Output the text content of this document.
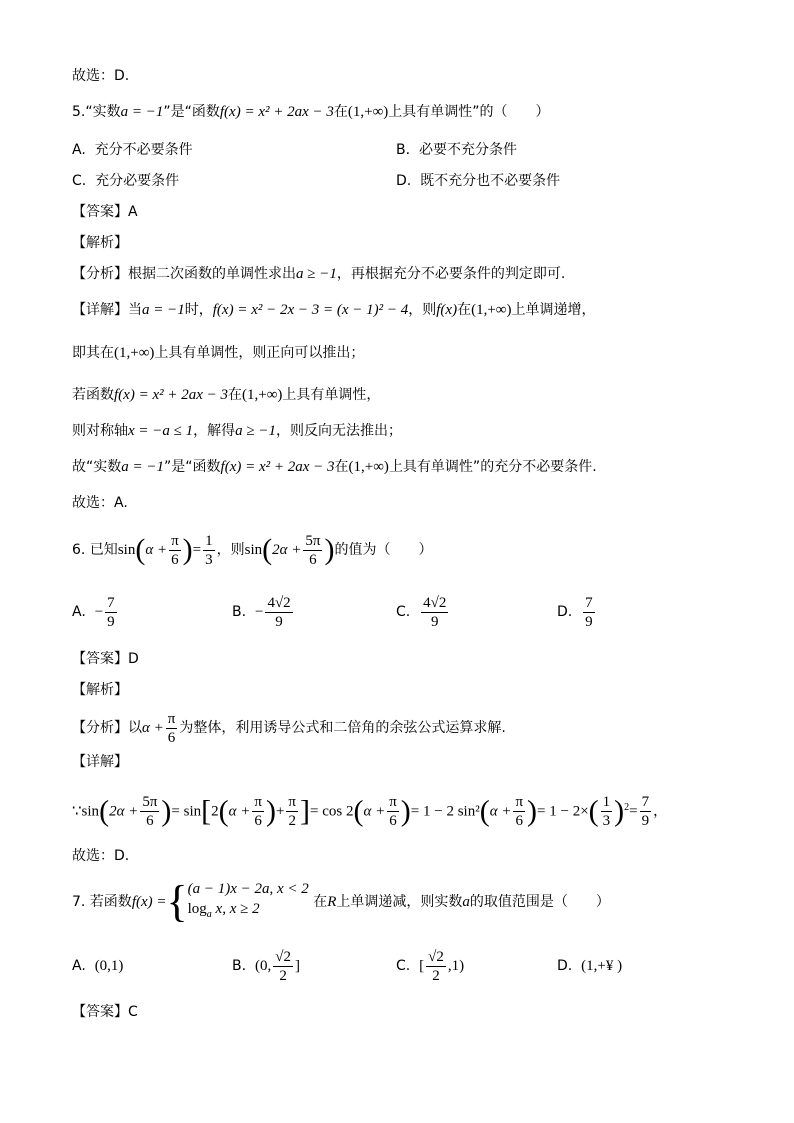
故选：D.
5.“实数a = −1”是“函数f(x) = x² + 2ax − 3在(1,+∞)上具有单调性”的（　　）
A. 充分不必要条件	B. 必要不充分条件
C. 充分必要条件	D. 既不充分也不必要条件
【答案】A
【解析】
【分析】根据二次函数的单调性求出a ≥ −1，再根据充分不必要条件的判定即可.
【详解】当a = −1时，f(x) = x² − 2x − 3 = (x − 1)² − 4，则f(x)在(1,+∞)上单调递增，
即其在(1,+∞)上具有单调性，则正向可以推出；
若函数f(x) = x² + 2ax − 3在(1,+∞)上具有单调性，
则对称轴x = −a ≤ 1，解得a ≥ −1，则反向无法推出；
故“实数a = −1”是“函数f(x) = x² + 2ax − 3在(1,+∞)上具有单调性”的充分不必要条件.
故选：A.
6. 已知$\sin(\alpha + \frac{\pi}{6}$ )= $\frac{1}{3}$ ，则$\sin(2\alpha + \frac{5\pi}{6}$ )的值为（　　）
A. − $\frac{7}{9}$	B. − $\frac{4√2}{9}$	C. $\frac{4√2}{9}$	D. $\frac{7}{9}$
【答案】D
【解析】
【分析】以$\alpha + \frac{\pi}{6}$ 为整体，利用诱导公式和二倍角的余弦公式运算求解.
【详解】
∵sin(2α + $\frac{5\pi}{6}$ )= $\sin[2(\alpha + \frac{\pi}{6}$ )+ $\frac{\pi}{2}$ ]= $\cos 2(\alpha + \frac{\pi}{6}$ )= 1 − 2 $\sin^2(\alpha + \frac{\pi}{6}$ )= $1 - 2\times( \frac{1}{3} )^2= \frac{7}{9}$ ，
故选：D.
7. 若函数f(x) ={ (a − 1)x − 2a, x < 2
$\log_a x$, x ≥ 2	在R上单调递减，则实数a的取值范围是（　　）
A. (0,1)	B. (0, $\frac{√2}{2}$ ]	C. [ $\frac{√2}{2} ,1$)	D. (1,+¥ )
【答案】C
